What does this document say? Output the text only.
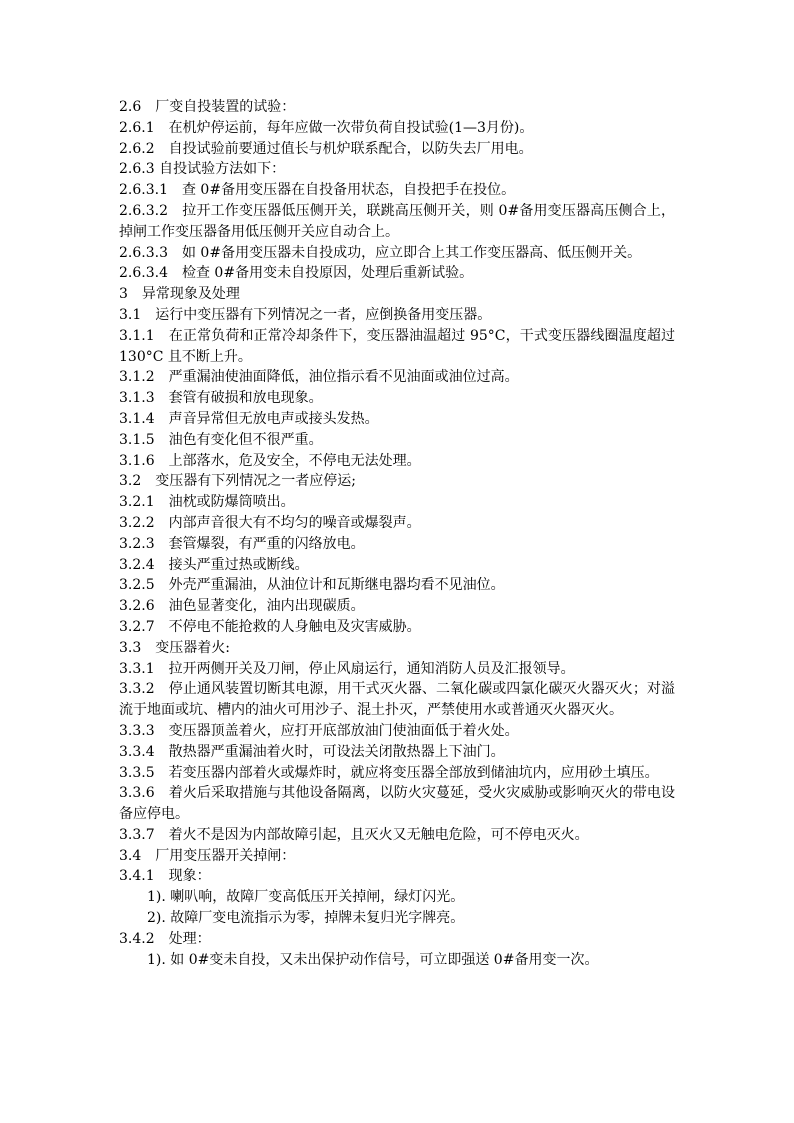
2.6　厂变自投装置的试验：
2.6.1　在机炉停运前，每年应做一次带负荷自投试验(1—3月份)。
2.6.2　自投试验前要通过值长与机炉联系配合，以防失去厂用电。
2.6.3 自投试验方法如下：
2.6.3.1　查 0#备用变压器在自投备用状态，自投把手在投位。
2.6.3.2　拉开工作变压器低压侧开关，联跳高压侧开关，则 0#备用变压器高压侧合上，掉闸工作变压器备用低压侧开关应自动合上。
2.6.3.3　如 0#备用变压器未自投成功，应立即合上其工作变压器高、低压侧开关。
2.6.3.4　检查 0#备用变未自投原因，处理后重新试验。
3　异常现象及处理
3.1　运行中变压器有下列情况之一者，应倒换备用变压器。
3.1.1　在正常负荷和正常冷却条件下，变压器油温超过 95°C，干式变压器线圈温度超过 130°C 且不断上升。
3.1.2　严重漏油使油面降低，油位指示看不见油面或油位过高。
3.1.3　套管有破损和放电现象。
3.1.4　声音异常但无放电声或接头发热。
3.1.5　油色有变化但不很严重。
3.1.6　上部落水，危及安全，不停电无法处理。
3.2　变压器有下列情况之一者应停运;
3.2.1　油枕或防爆筒喷出。
3.2.2　内部声音很大有不均匀的噪音或爆裂声。
3.2.3　套管爆裂，有严重的闪络放电。
3.2.4　接头严重过热或断线。
3.2.5　外壳严重漏油，从油位计和瓦斯继电器均看不见油位。
3.2.6　油色显著变化，油内出现碳质。
3.2.7　不停电不能抢救的人身触电及灾害威胁。
3.3　变压器着火:
3.3.1　拉开两侧开关及刀闸，停止风扇运行，通知消防人员及汇报领导。
3.3.2　停止通风装置切断其电源，用干式灭火器、二氧化碳或四氯化碳灭火器灭火；对溢流于地面或坑、槽内的油火可用沙子、混土扑灭，严禁使用水或普通灭火器灭火。
3.3.3　变压器顶盖着火，应打开底部放油门使油面低于着火处。
3.3.4　散热器严重漏油着火时，可设法关闭散热器上下油门。
3.3.5　若变压器内部着火或爆炸时，就应将变压器全部放到储油坑内，应用砂土填压。
3.3.6　着火后采取措施与其他设备隔离，以防火灾蔓延，受火灾威胁或影响灭火的带电设备应停电。
3.3.7　着火不是因为内部故障引起，且灭火又无触电危险，可不停电灭火。
3.4　厂用变压器开关掉闸：
3.4.1　现象：
1). 喇叭响，故障厂变高低压开关掉闸，绿灯闪光。
2). 故障厂变电流指示为零，掉牌未复归光字牌亮。
3.4.2　处理：
1). 如 0#变未自投，又未出保护动作信号，可立即强送 0#备用变一次。
